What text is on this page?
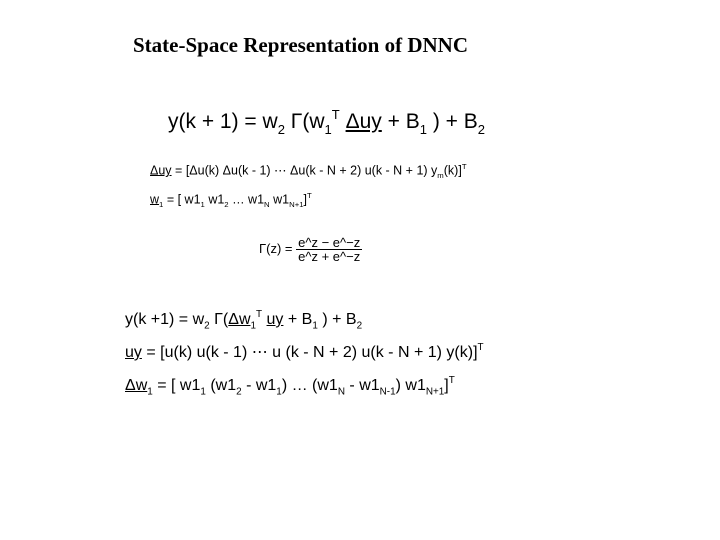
State-Space Representation of DNNC
$y(k + 1) = w_2$ $\Gamma(w_1^T$ $\Delta uy + B_1$ ) + $B_2$
Δuy = [Δu(k) Δu(k - 1) ⋯ Δu(k - N + 2) u(k - N + 1) $y_m(k)]^T$
$w_1$ = [ $w1_1$ $w1_2$ … $w1_N$ $w1_{N+1}]^T$
$\Gamma(z) = \frac{e\^{}z - e\^{}-z}{e\^{}z + e\^{}-z}$
$y(k +1) = w_2$ $\Gamma(\Delta w_1^T$ uy + $B_1$ ) + $B_2$
uy = [u(k) u(k - 1) ⋯ u (k - N + 2) u(k - N + 1) y(k)]$^T$
$\Delta w_1$ = [ $w1_1$ $(w1_2 - w1_1)$ … $(w1_N - w1_{N-1})$ $w1_{N+1}]^T$
